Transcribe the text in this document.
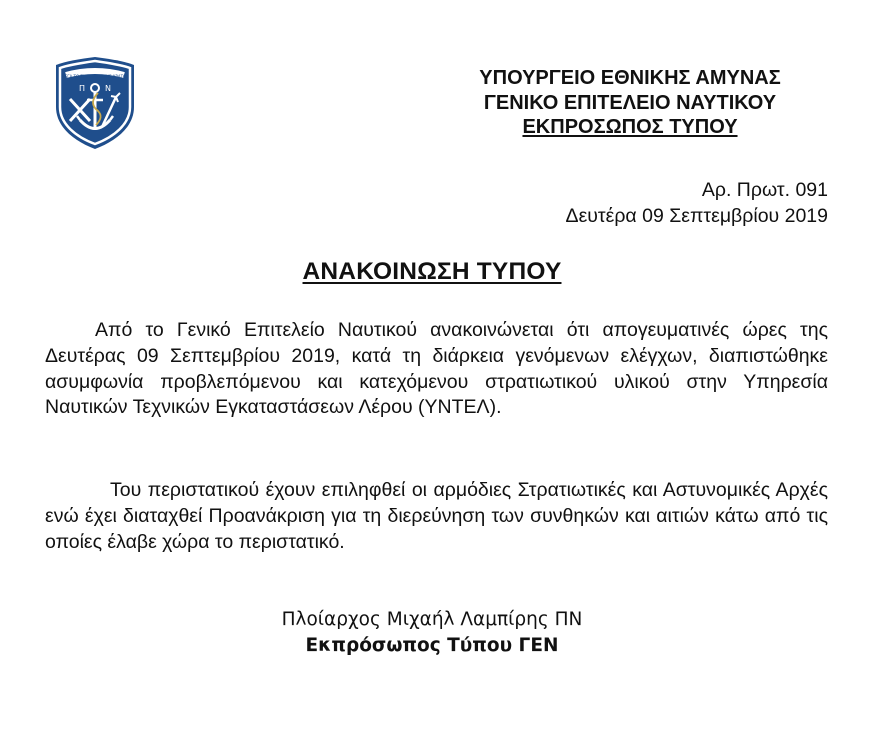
ΜΕΓΑ ΤΟ ΤΗΣ ΘΑΛΑΣΣΗΣ ΚΡΑΤΟΣ
Π Ν	ΥΠΟΥΡΓΕΙΟ ΕΘΝΙΚΗΣ ΑΜΥΝΑΣ
ΓΕΝΙΚΟ ΕΠΙΤΕΛΕΙΟ ΝΑΥΤΙΚΟΥ
ΕΚΠΡΟΣΩΠΟΣ ΤΥΠΟΥ
Αρ. Πρωτ. 091
Δευτέρα 09 Σεπτεμβρίου 2019
ΑΝΑΚΟΙΝΩΣΗ ΤΥΠΟΥ
Από το Γενικό Επιτελείο Ναυτικού ανακοινώνεται ότι απογευματινές ώρες της Δευτέρας 09 Σεπτεμβρίου 2019, κατά τη διάρκεια γενόμενων ελέγχων, διαπιστώθηκε ασυμφωνία προβλεπόμενου και κατεχόμενου στρατιωτικού υλικού στην Υπηρεσία Ναυτικών Τεχνικών Εγκαταστάσεων Λέρου (ΥΝΤΕΛ).
Του περιστατικού έχουν επιληφθεί οι αρμόδιες Στρατιωτικές και Αστυνομικές Αρχές ενώ έχει διαταχθεί Προανάκριση για τη διερεύνηση των συνθηκών και αιτιών κάτω από τις οποίες έλαβε χώρα το περιστατικό.
Πλοίαρχος Μιχαήλ Λαμπίρης ΠΝ
Εκπρόσωπος Τύπου ΓΕΝ
